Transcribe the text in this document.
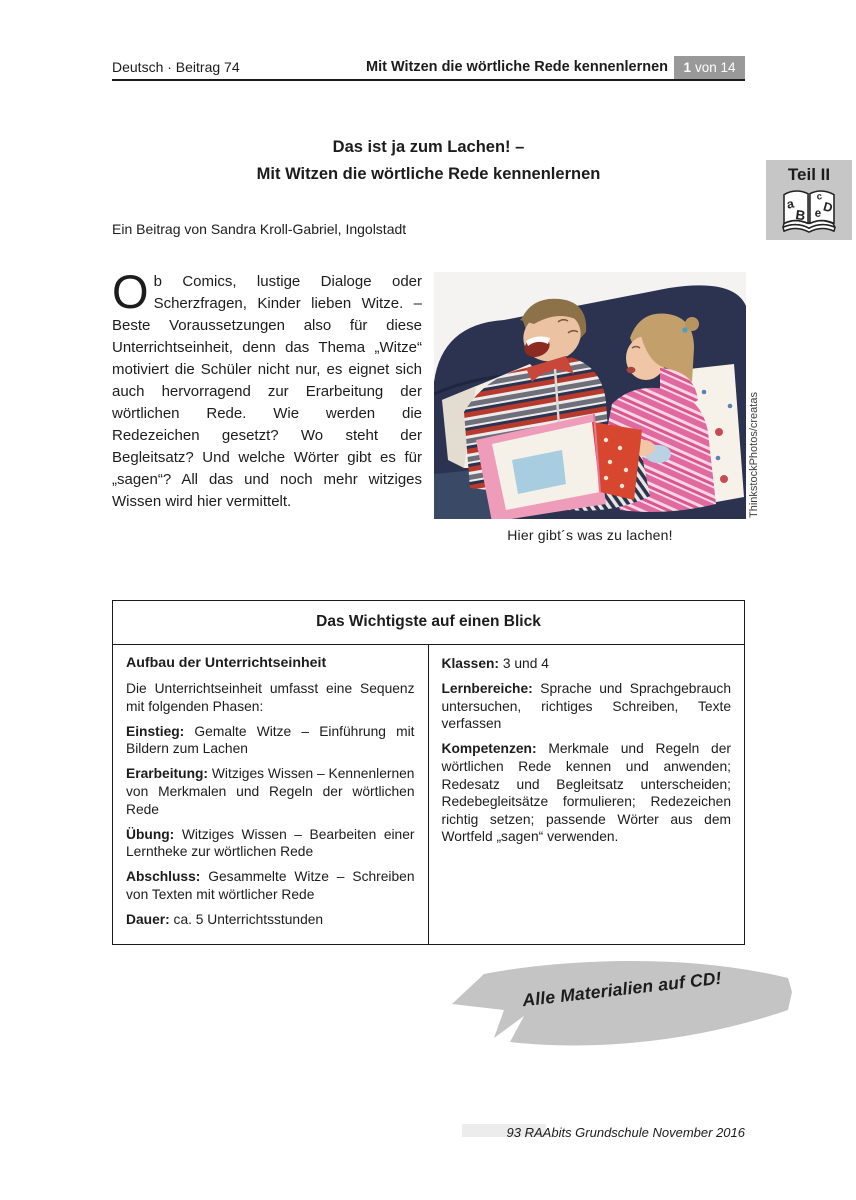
Deutsch · Beitrag 74	Mit Witzen die wörtliche Rede kennenlernen 1 von 14
Das ist ja zum Lachen! –
Mit Witzen die wörtliche Rede kennenlernen	Teil II
a
B
c
e D
Ein Beitrag von Sandra Kroll-Gabriel, Ingolstadt
Ob Comics, lustige Dialoge oder Scherzfragen, Kinder lieben Witze. – Beste Voraussetzungen also für diese Unterrichtseinheit, denn das Thema „Witze“ motiviert die Schüler nicht nur, es eignet sich auch hervorragend zur Erarbeitung der wörtlichen Rede. Wie werden die Redezeichen gesetzt? Wo steht der Begleitsatz? Und welche Wörter gibt es für „sagen“? All das und noch mehr witziges Wissen wird hier vermittelt.	ThinkstockPhotos/creatas
Hier gibt´s was zu lachen!
Das Wichtigste auf einen Blick

Aufbau der Unterrichtseinheit

Die Unterrichtseinheit umfasst eine Sequenz mit folgenden Phasen:

Einstieg: Gemalte Witze – Einführung mit Bildern zum Lachen

Erarbeitung: Witziges Wissen – Kennenlernen von Merkmalen und Regeln der wörtlichen Rede

Übung: Witziges Wissen – Bearbeiten einer Lerntheke zur wörtlichen Rede

Abschluss: Gesammelte Witze – Schreiben von Texten mit wörtlicher Rede

Dauer: ca. 5 Unterrichtsstunden

Klassen: 3 und 4

Lernbereiche: Sprache und Sprachgebrauch untersuchen, richtiges Schreiben, Texte verfassen

Kompetenzen: Merkmale und Regeln der wörtlichen Rede kennen und anwenden; Redesatz und Begleitsatz unterscheiden; Redebegleitsätze formulieren; Redezeichen richtig setzen; passende Wörter aus dem Wortfeld „sagen“ verwenden.

Alle Materialien auf CD!
93 RAAbits Grundschule November 2016
